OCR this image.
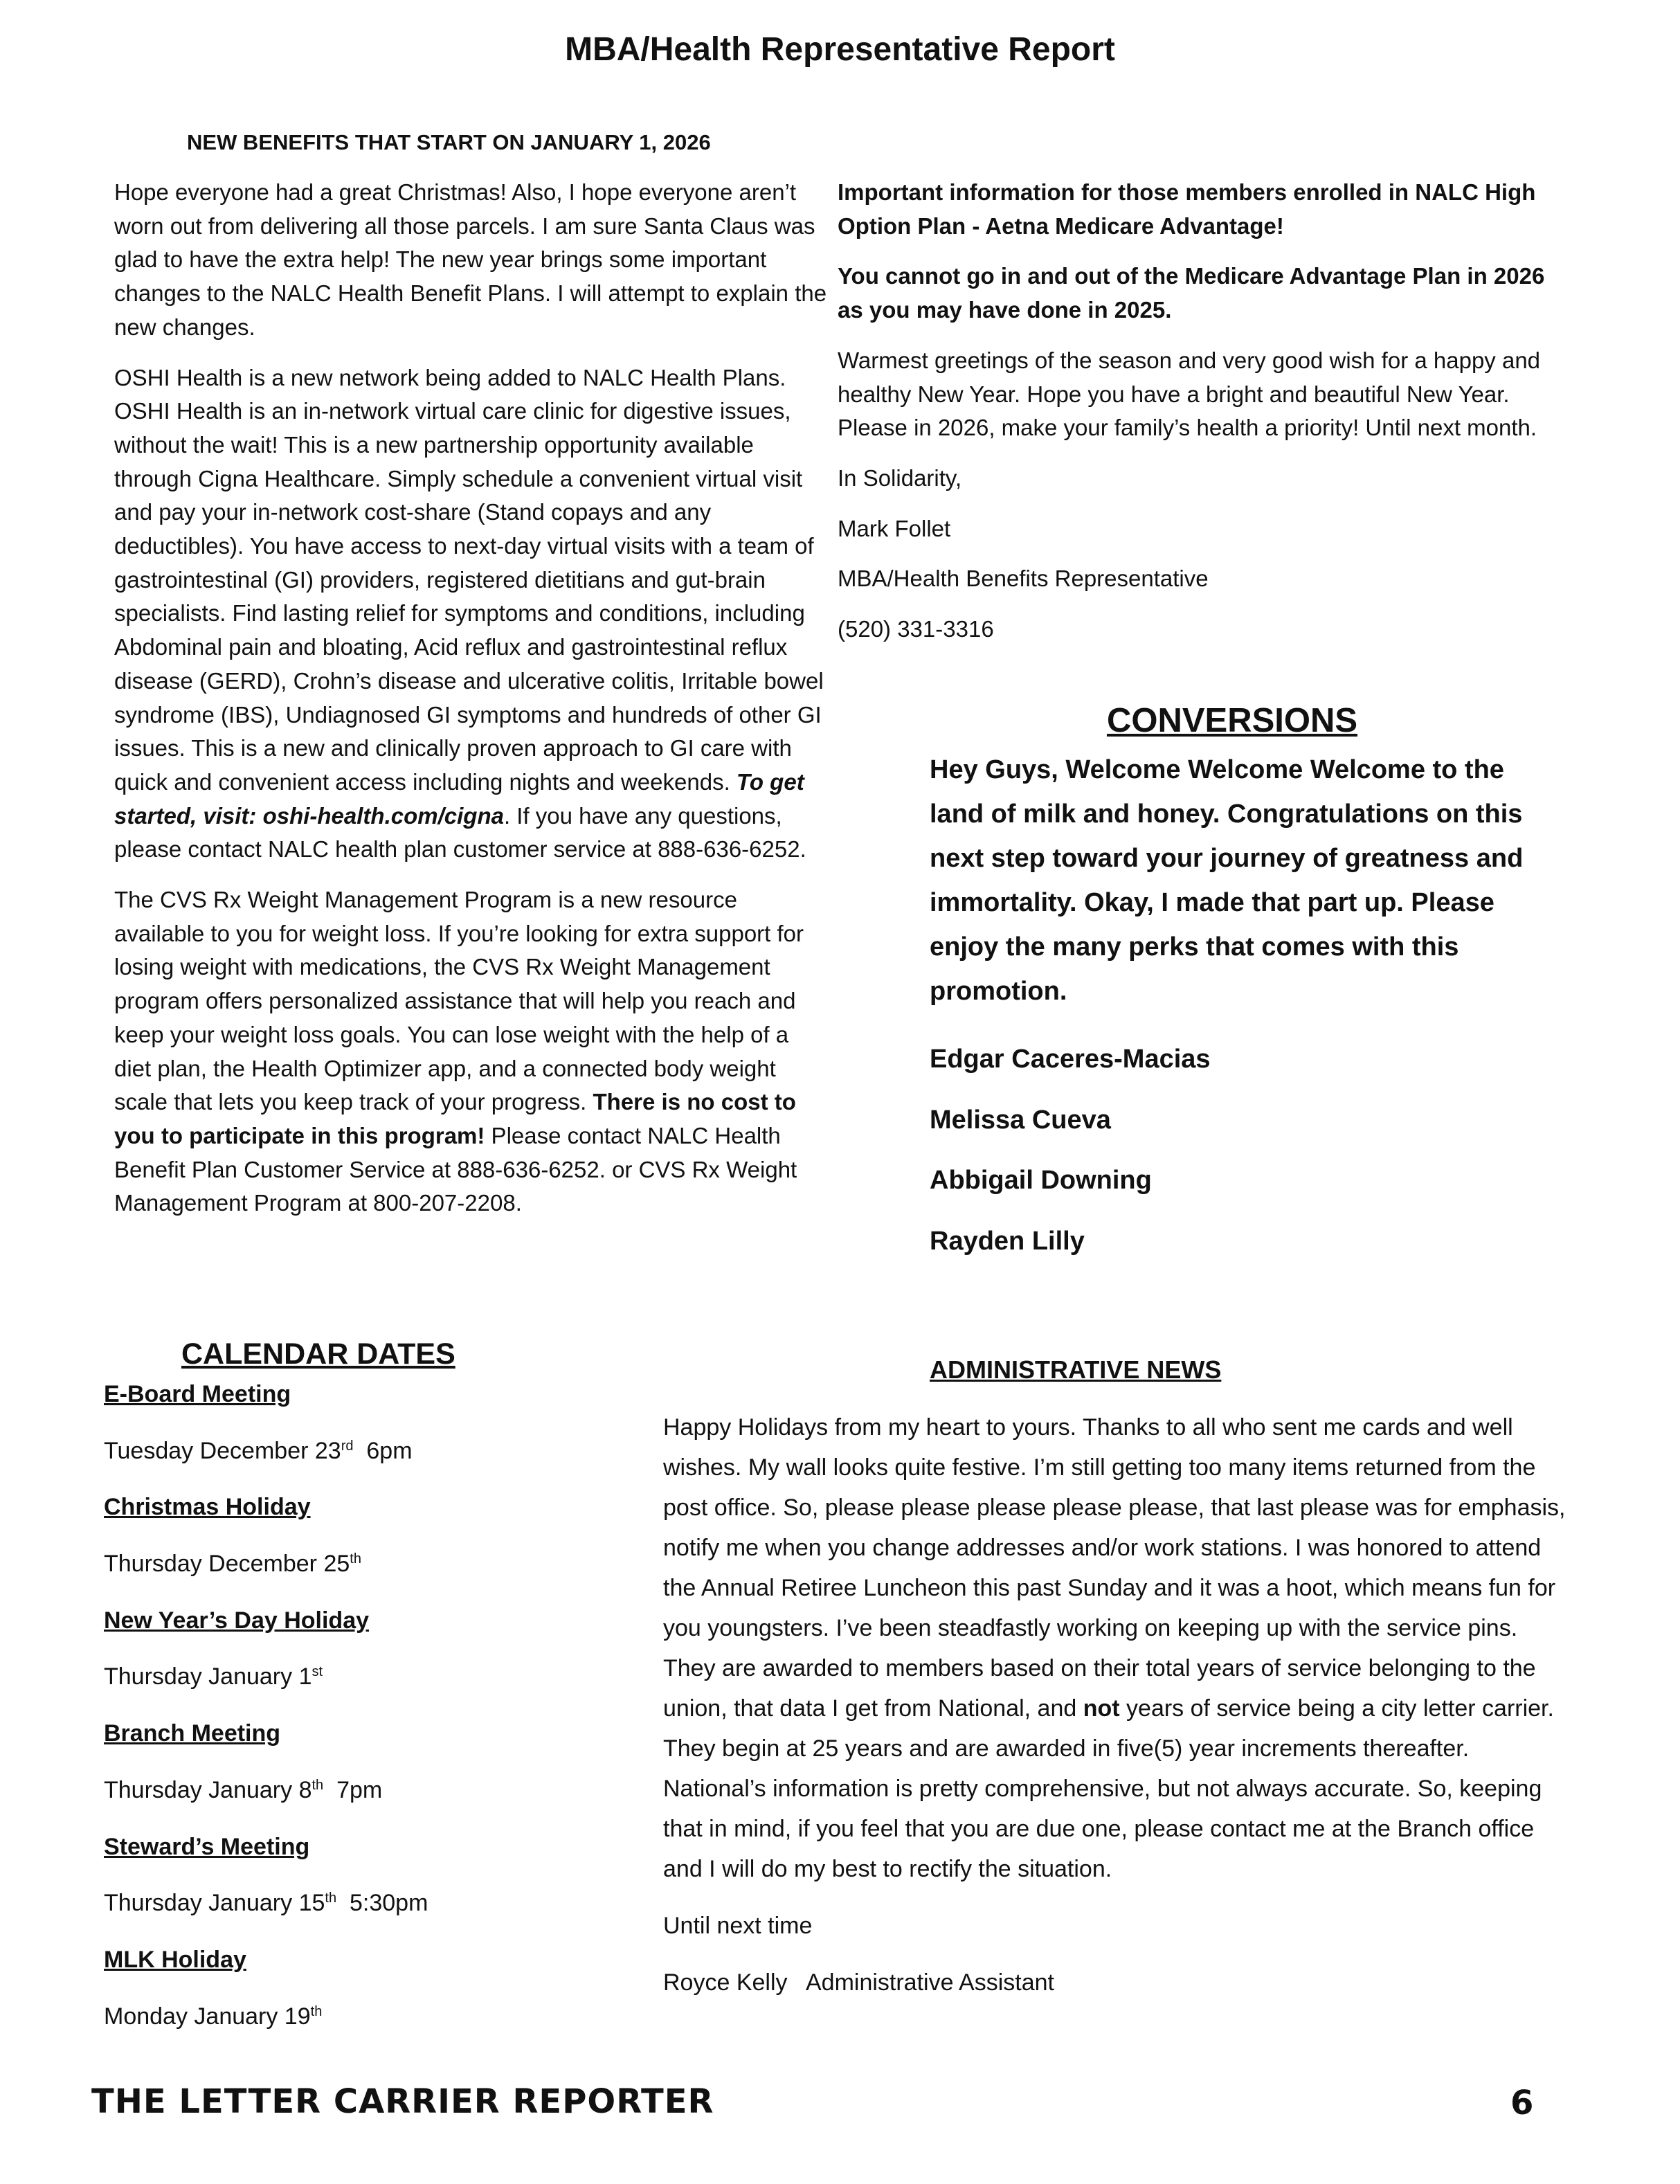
MBA/Health Representative Report
NEW BENEFITS THAT START ON JANUARY 1, 2026

Hope everyone had a great Christmas! Also, I hope everyone aren’t worn out from delivering all those parcels. I am sure Santa Claus was glad to have the extra help! The new year brings some important changes to the NALC Health Benefit Plans. I will attempt to explain the new changes.

OSHI Health is a new network being added to NALC Health Plans. OSHI Health is an in-network virtual care clinic for digestive issues, without the wait! This is a new partnership opportunity available through Cigna Healthcare. Simply schedule a convenient virtual visit and pay your in-network cost-share (Stand copays and any deductibles). You have access to next-day virtual visits with a team of gastrointestinal (GI) providers, registered dietitians and gut-brain specialists. Find lasting relief for symptoms and conditions, including Abdominal pain and bloating, Acid reflux and gastrointestinal reflux disease (GERD), Crohn’s disease and ulcerative colitis, Irritable bowel syndrome (IBS), Undiagnosed GI symptoms and hundreds of other GI issues. This is a new and clinically proven approach to GI care with quick and convenient access including nights and weekends. To get started, visit: oshi-health.com/cigna. If you have any questions, please contact NALC health plan customer service at 888-636-6252.

The CVS Rx Weight Management Program is a new resource available to you for weight loss. If you’re looking for extra support for losing weight with medications, the CVS Rx Weight Management program offers personalized assistance that will help you reach and keep your weight loss goals. You can lose weight with the help of a diet plan, the Health Optimizer app, and a connected body weight scale that lets you keep track of your progress. There is no cost to you to participate in this program! Please contact NALC Health Benefit Plan Customer Service at 888-636-6252. or CVS Rx Weight Management Program at 800-207-2208.

Important information for those members enrolled in NALC High Option Plan - Aetna Medicare Advantage!

You cannot go in and out of the Medicare Advantage Plan in 2026 as you may have done in 2025.

Warmest greetings of the season and very good wish for a happy and healthy New Year. Hope you have a bright and beautiful New Year. Please in 2026, make your family’s health a priority! Until next month.

In Solidarity,

Mark Follet

MBA/Health Benefits Representative

(520) 331-3316

CONVERSIONS

Hey Guys, Welcome Welcome Welcome to the land of milk and honey. Congratulations on this next step toward your journey of greatness and immortality. Okay, I made that part up. Please enjoy the many perks that comes with this promotion.

Edgar Caceres-Macias
Melissa Cueva
Abbigail Downing
Rayden Lilly
CALENDAR DATES
E-Board Meeting
Tuesday December 23rd  6pm
Christmas Holiday
Thursday December 25th
New Year’s Day Holiday
Thursday January 1st
Branch Meeting
Thursday January 8th  7pm
Steward’s Meeting
Thursday January 15th  5:30pm
MLK Holiday
Monday January 19th
ADMINISTRATIVE NEWS

Happy Holidays from my heart to yours. Thanks to all who sent me cards and well wishes. My wall looks quite festive. I’m still getting too many items returned from the post office. So, please please please please please, that last please was for emphasis, notify me when you change addresses and/or work stations. I was honored to attend the Annual Retiree Luncheon this past Sunday and it was a hoot, which means fun for you youngsters. I’ve been steadfastly working on keeping up with the service pins. They are awarded to members based on their total years of service belonging to the union, that data I get from National, and not years of service being a city letter carrier. They begin at 25 years and are awarded in five(5) year increments thereafter. National’s information is pretty comprehensive, but not always accurate. So, keeping that in mind, if you feel that you are due one, please contact me at the Branch office and I will do my best to rectify the situation.

Until next time

Royce Kelly   Administrative Assistant

THE LETTER CARRIER REPORTER	6
